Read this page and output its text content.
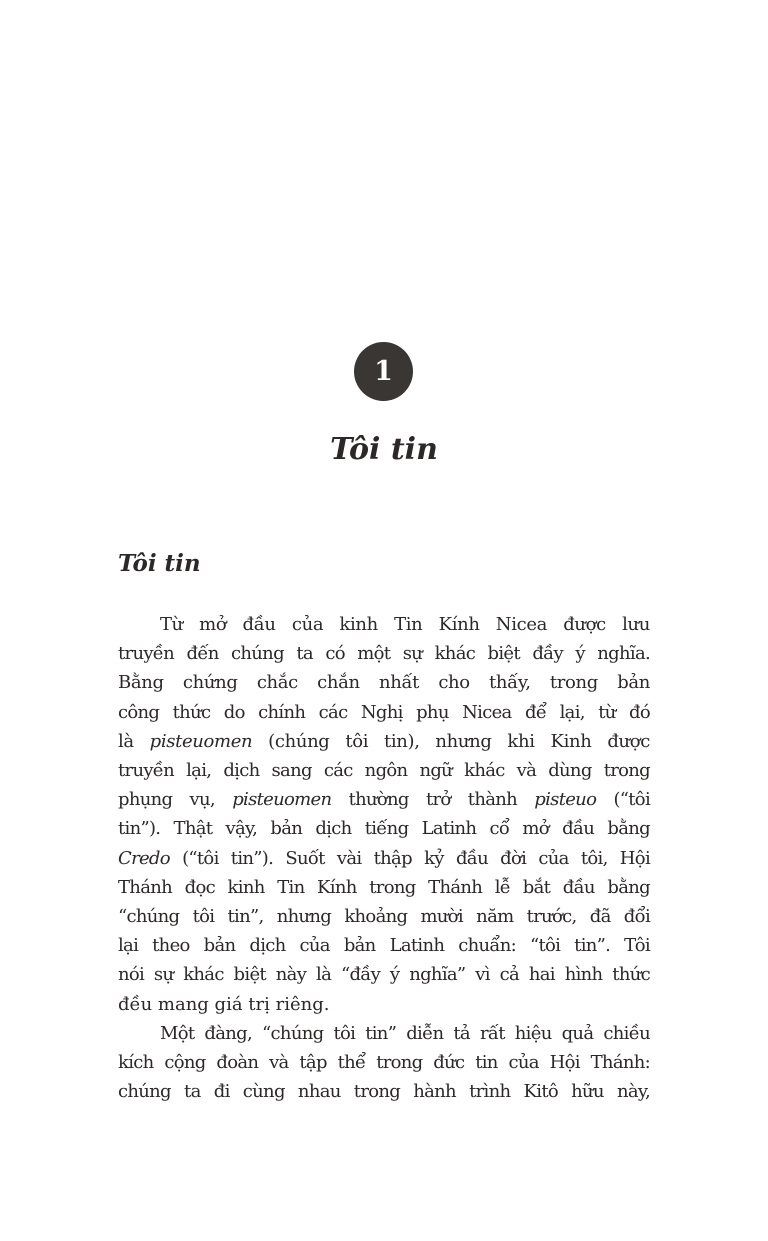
1
Tôi tin
Tôi tin
Từ mở đầu của kinh Tin Kính Nicea được lưu
truyền đến chúng ta có một sự khác biệt đầy ý nghĩa.
Bằng chứng chắc chắn nhất cho thấy, trong bản
công thức do chính các Nghị phụ Nicea để lại, từ đó
là pisteuomen (chúng tôi tin), nhưng khi Kinh được
truyền lại, dịch sang các ngôn ngữ khác và dùng trong
phụng vụ, pisteuomen thường trở thành pisteuo (“tôi
tin”). Thật vậy, bản dịch tiếng Latinh cổ mở đầu bằng
Credo (“tôi tin”). Suốt vài thập kỷ đầu đời của tôi, Hội
Thánh đọc kinh Tin Kính trong Thánh lễ bắt đầu bằng
“chúng tôi tin”, nhưng khoảng mười năm trước, đã đổi
lại theo bản dịch của bản Latinh chuẩn: “tôi tin”. Tôi
nói sự khác biệt này là “đầy ý nghĩa” vì cả hai hình thức
đều mang giá trị riêng.
Một đàng, “chúng tôi tin” diễn tả rất hiệu quả chiều
kích cộng đoàn và tập thể trong đức tin của Hội Thánh:
chúng ta đi cùng nhau trong hành trình Kitô hữu này,
